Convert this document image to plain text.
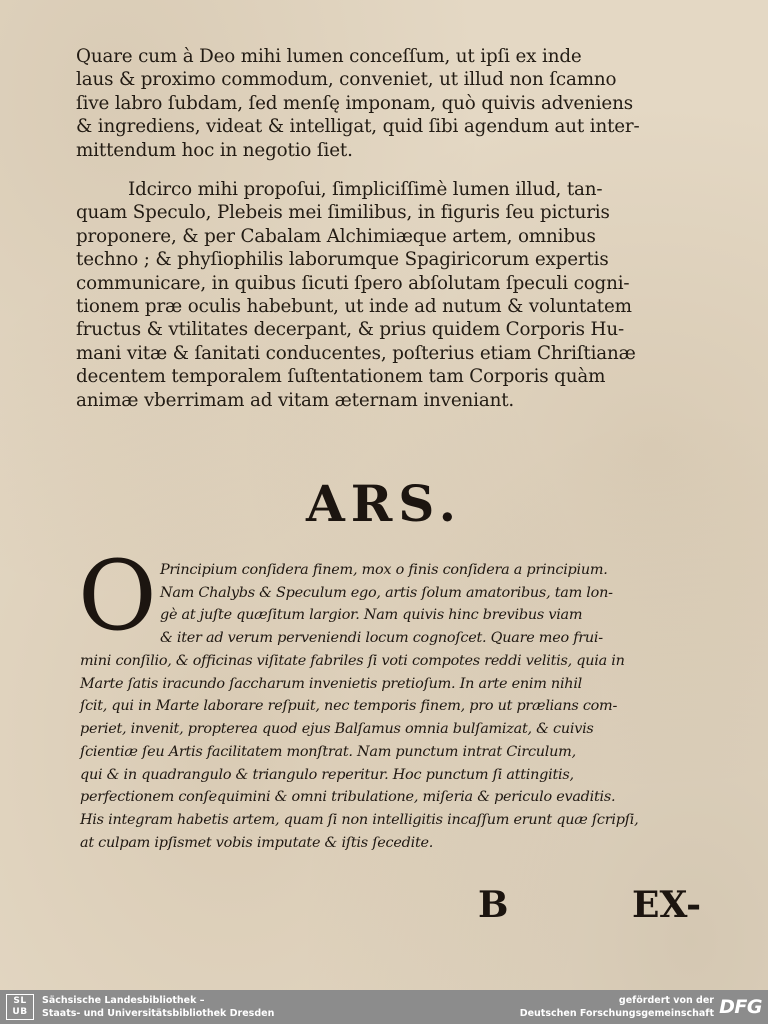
Quare cum à Deo mihi lumen conceſſum, ut ipſi ex inde
laus & proximo commodum, conveniet, ut illud non ſcamno
ſive labro ſubdam, ſed menſę imponam, quò quivis adveniens
& ingrediens, videat & intelligat, quid ſibi agendum aut inter-
mittendum hoc in negotio ſiet.
Idcirco mihi propoſui, ſimpliciſſimè lumen illud, tan-
quam Speculo, Plebeis mei ſimilibus, in figuris ſeu picturis
proponere, & per Cabalam Alchimiæque artem, omnibus
techno ; & phyſiophilis laborumque Spagiricorum expertis
communicare, in quibus ſicuti ſpero abſolutam ſpeculi cogni-
tionem præ oculis habebunt, ut inde ad nutum & voluntatem
fructus & vtilitates decerpant, & prius quidem Corporis Hu-
mani vitæ & ſanitati conducentes, poſterius etiam Chriſtianæ
decentem temporalem ſuſtentationem tam Corporis quàm
animæ vberrimam ad vitam æternam inveniant.
ARS.
O Principium conſidera finem, mox o finis conſidera a principium.
Nam Chalybs & Speculum ego, artis ſolum amatoribus, tam lon-
gè at juſte quæſitum largior. Nam quivis hinc brevibus viam
& iter ad verum perveniendi locum cognoſcet. Quare meo frui-
mini conſilio, & officinas viſitate fabriles ſi voti compotes reddi velitis, quia in
Marte ſatis iracundo ſaccharum invenietis pretioſum. In arte enim nihil
ſcit, qui in Marte laborare reſpuit, nec temporis finem, pro ut prælians com-
periet, invenit, propterea quod ejus Balſamus omnia bulſamizat, & cuivis
ſcientiæ ſeu Artis facilitatem monſtrat. Nam punctum intrat Circulum,
qui & in quadrangulo & triangulo reperitur. Hoc punctum ſi attingitis,
perfectionem conſequimini & omni tribulatione, miſeria & periculo evaditis.
His integram habetis artem, quam ſi non intelligitis incaſſum erunt quæ ſcripſi,
at culpam ipſismet vobis imputate & iſtis ſecedite.
B	EX-
SL
UB
Sächsische Landesbibliothek –
Staats- und Universitätsbibliothek Dresden
gefördert von der
Deutschen Forschungsgemeinschaft DFG
